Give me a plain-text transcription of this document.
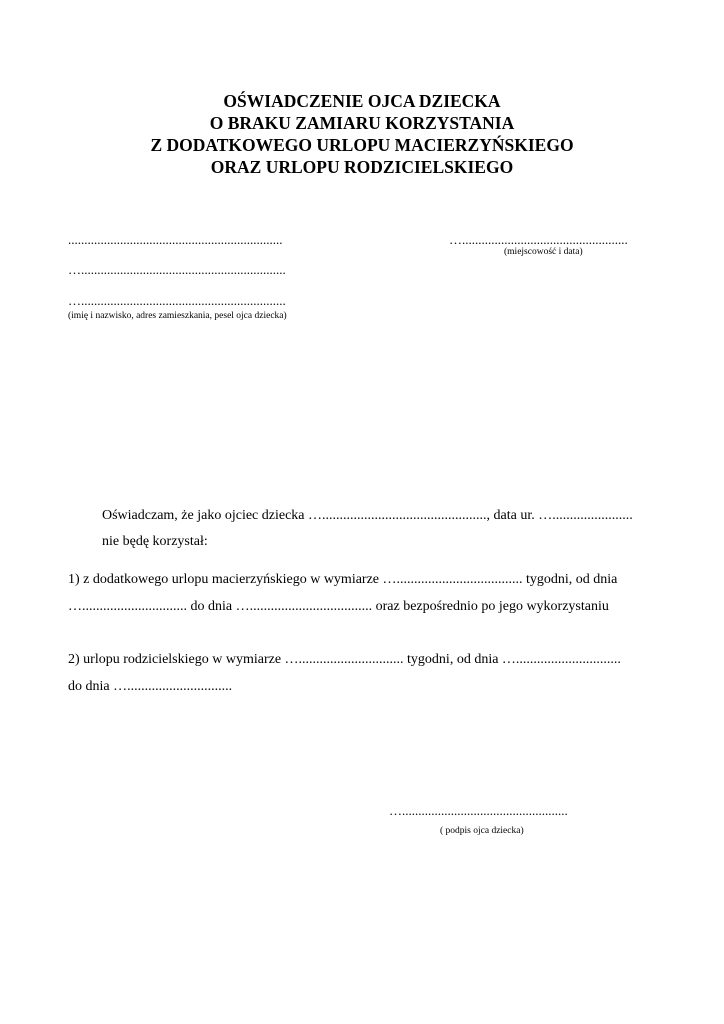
OŚWIADCZENIE OJCA DZIECKA
O BRAKU ZAMIARU KORZYSTANIA
Z DODATKOWEGO URLOPU MACIERZYŃSKIEGO
ORAZ URLOPU RODZICIELSKIEGO
..................................................................
…...............................................................
…...............................................................
(imię i nazwisko, adres zamieszkania, pesel ojca dziecka)
…...................................................
(miejscowość i data)
Oświadczam, że jako ojciec dziecka …..............................................., data ur. ….......................
nie będę korzystał:
1) z dodatkowego urlopu macierzyńskiego w wymiarze ….................................... tygodni, od dnia
….............................. do dnia …................................... oraz bezpośrednio po jego wykorzystaniu
2) urlopu rodzicielskiego w wymiarze ….............................. tygodni, od dnia …..............................
do dnia …..............................
…...................................................
( podpis ojca dziecka)
